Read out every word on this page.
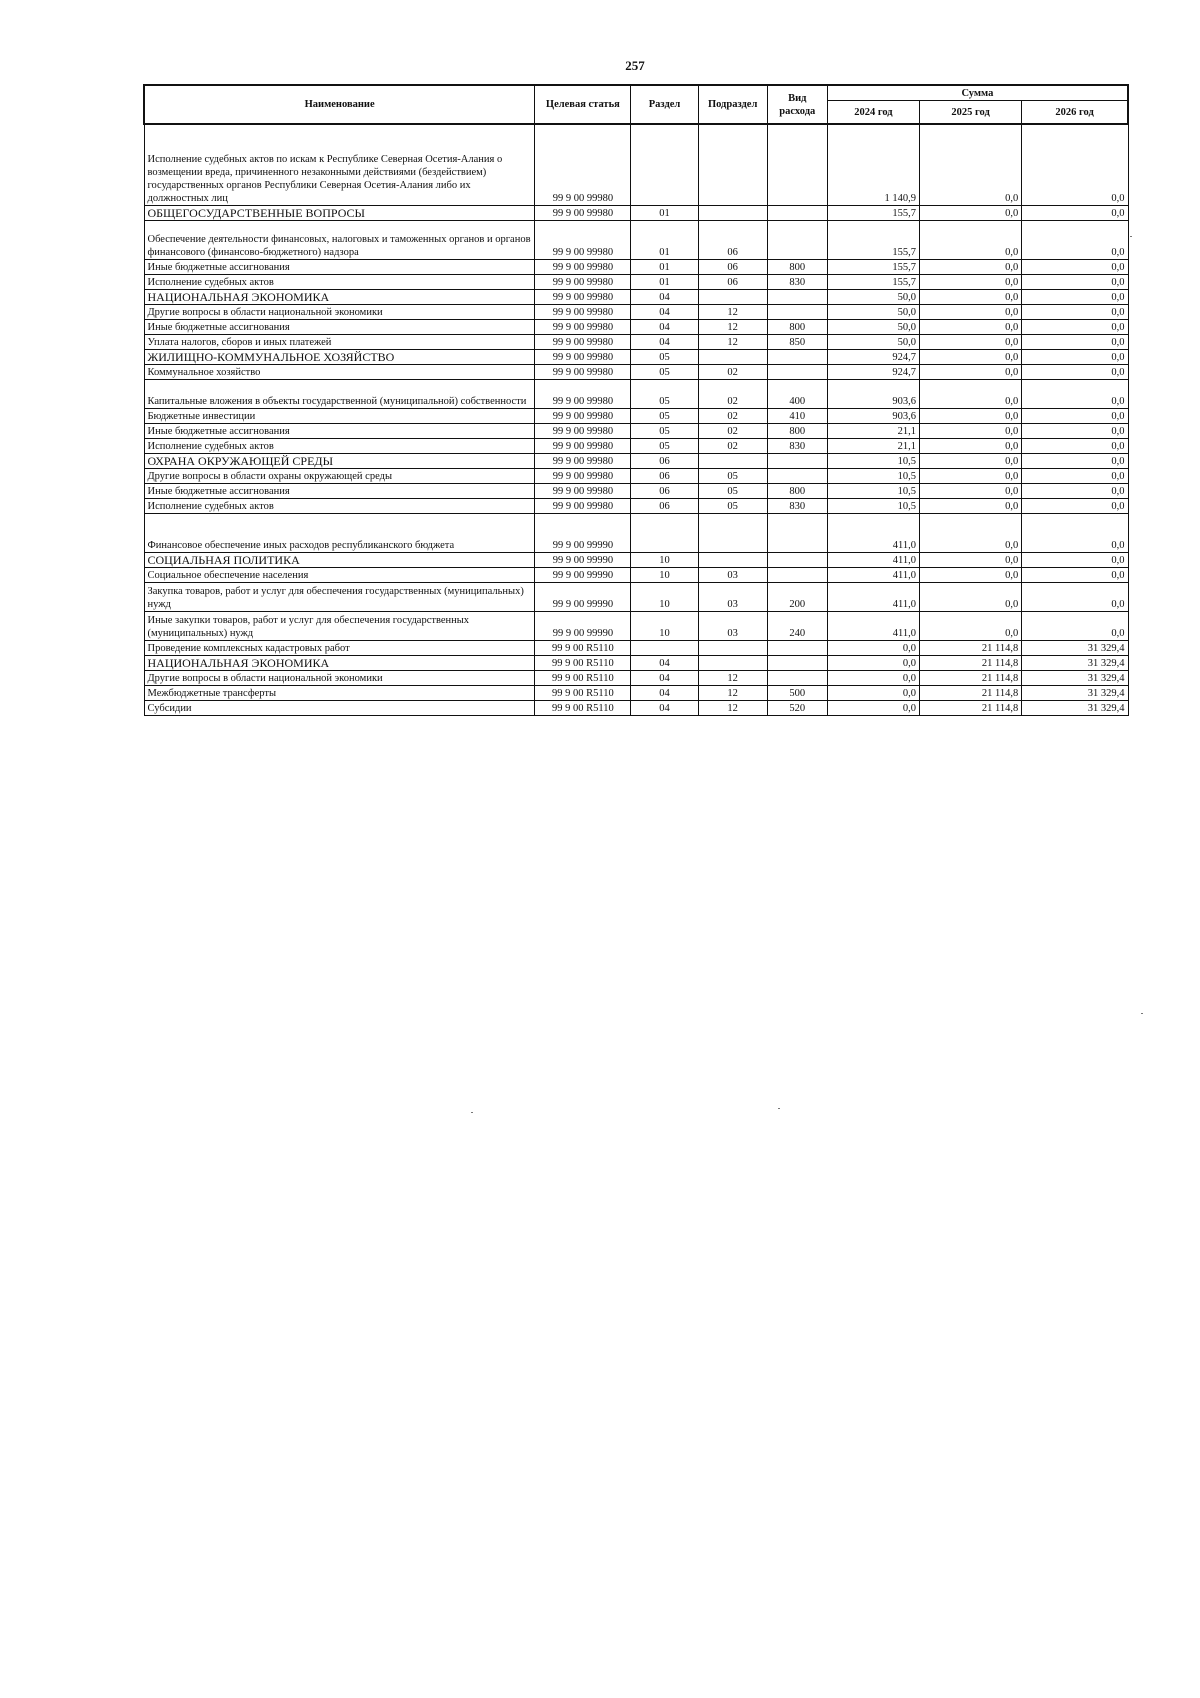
257
Наименование	Целевая статья	Раздел	Подраздел	Вид расхода	Сумма		
					2024 год	2025 год	2026 год
Исполнение судебных актов по искам к Республике Северная Осетия-Алания о возмещении вреда, причиненного незаконными действиями (бездействием) государственных органов Республики Северная Осетия-Алания либо их должностных лиц	99 9 00 99980				1 140,9	0,0	0,0
ОБЩЕГОСУДАРСТВЕННЫЕ ВОПРОСЫ	99 9 00 99980	01			155,7	0,0	0,0
Обеспечение деятельности финансовых, налоговых и таможенных органов и органов финансового (финансово-бюджетного) надзора	99 9 00 99980	01	06		155,7	0,0	0,0
Иные бюджетные ассигнования	99 9 00 99980	01	06	800	155,7	0,0	0,0
Исполнение судебных актов	99 9 00 99980	01	06	830	155,7	0,0	0,0
НАЦИОНАЛЬНАЯ ЭКОНОМИКА	99 9 00 99980	04			50,0	0,0	0,0
Другие вопросы в области национальной экономики	99 9 00 99980	04	12		50,0	0,0	0,0
Иные бюджетные ассигнования	99 9 00 99980	04	12	800	50,0	0,0	0,0
Уплата налогов, сборов и иных платежей	99 9 00 99980	04	12	850	50,0	0,0	0,0
ЖИЛИЩНО-КОММУНАЛЬНОЕ ХОЗЯЙСТВО	99 9 00 99980	05			924,7	0,0	0,0
Коммунальное хозяйство	99 9 00 99980	05	02		924,7	0,0	0,0
Капитальные вложения в объекты государственной (муниципальной) собственности	99 9 00 99980	05	02	400	903,6	0,0	0,0
Бюджетные инвестиции	99 9 00 99980	05	02	410	903,6	0,0	0,0
Иные бюджетные ассигнования	99 9 00 99980	05	02	800	21,1	0,0	0,0
Исполнение судебных актов	99 9 00 99980	05	02	830	21,1	0,0	0,0
ОХРАНА ОКРУЖАЮЩЕЙ СРЕДЫ	99 9 00 99980	06			10,5	0,0	0,0
Другие вопросы в области охраны окружающей среды	99 9 00 99980	06	05		10,5	0,0	0,0
Иные бюджетные ассигнования	99 9 00 99980	06	05	800	10,5	0,0	0,0
Исполнение судебных актов	99 9 00 99980	06	05	830	10,5	0,0	0,0
Финансовое обеспечение иных расходов республиканского бюджета	99 9 00 99990				411,0	0,0	0,0
СОЦИАЛЬНАЯ ПОЛИТИКА	99 9 00 99990	10			411,0	0,0	0,0
Социальное обеспечение населения	99 9 00 99990	10	03		411,0	0,0	0,0
Закупка товаров, работ и услуг для обеспечения государственных (муниципальных) нужд	99 9 00 99990	10	03	200	411,0	0,0	0,0
Иные закупки товаров, работ и услуг для обеспечения государственных (муниципальных) нужд	99 9 00 99990	10	03	240	411,0	0,0	0,0
Проведение комплексных кадастровых работ	99 9 00 R5110				0,0	21 114,8	31 329,4
НАЦИОНАЛЬНАЯ ЭКОНОМИКА	99 9 00 R5110	04			0,0	21 114,8	31 329,4
Другие вопросы в области национальной экономики	99 9 00 R5110	04	12		0,0	21 114,8	31 329,4
Межбюджетные трансферты	99 9 00 R5110	04	12	500	0,0	21 114,8	31 329,4
Субсидии	99 9 00 R5110	04	12	520	0,0	21 114,8	31 329,4
